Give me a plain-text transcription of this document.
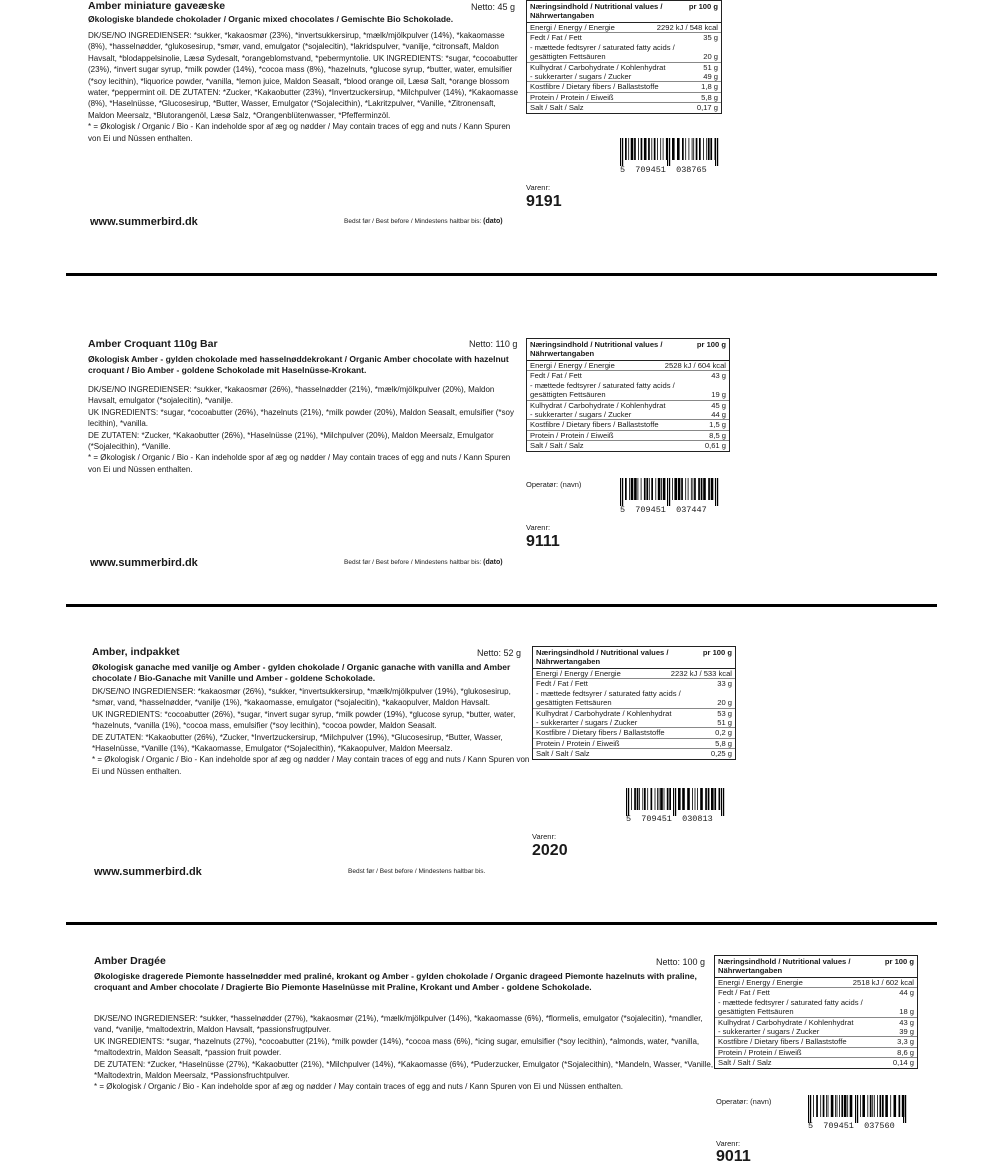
Amber miniature gaveæske	Netto: 45 g
Økologiske blandede chokolader / Organic mixed chocolates / Gemischte Bio Schokolade.

DK/SE/NO INGREDIENSER: *sukker, *kakaosmør (23%), *invertsukkersirup, *mælk/mjölkpulver (14%), *kakaomasse (8%), *hasselnødder, *glukosesirup, *smør, vand, emulgator (*sojalecitin), *lakridspulver, *vanilje, *citronsaft, Maldon Havsalt, *blodappelsinolie, Læsø Sydesalt, *orangeblomstvand, *pebermyntolie. UK INGREDIENTS: *sugar, *cocoabutter (23%), *invert sugar syrup, *milk powder (14%), *cocoa mass (8%), *hazelnuts, *glucose syrup, *butter, water, emulsifier (*soy lecithin), *liquorice powder, *vanilla, *lemon juice, Maldon Seasalt, *blood orange oil, Læsø Salt, *orange blossom water, *peppermint oil. DE ZUTATEN: *Zucker, *Kakaobutter (23%), *Invertzuckersirup, *Milchpulver (14%), *Kakaomasse (8%), *Haselnüsse, *Glucosesirup, *Butter, Wasser, Emulgator (*Sojalecithin), *Lakritzpulver, *Vanille, *Zitronensaft, Maldon Meersalz, *Blutorangenöl, Læsø Salz, *Orangenblütenwasser, *Pfefferminzöl.

* = Økologisk / Organic / Bio - Kan indeholde spor af æg og nødder / May contain traces of egg and nuts / Kann Spuren von Ei und Nüssen enthalten.

www.summerbird.dk	Bedst før / Best before / Mindestens haltbar bis: (dato)
Næringsindhold / Nutritional values / Nährwertangaben
pr 100 g
Energi / Energy / Energie	2292 kJ / 548 kcal
Fedt / Fat / Fett	35 g
- mættede fedtsyrer / saturated fatty acids / gesättigten Fettsäuren	20 g
Kulhydrat / Carbohydrate / Kohlenhydrat	51 g
- sukkerarter / sugars / Zucker	49 g
Kostfibre / Dietary fibers / Ballaststoffe	1,8 g
Protein / Protein / Eiweiß	5,8 g
Salt / Salt / Salz	0,17 g
5  709451  038765
Varenr:
9191
Amber Croquant 110g Bar	Netto: 110 g
Økologisk Amber - gylden chokolade med hasselnøddekrokant / Organic Amber chocolate with hazelnut croquant / Bio Amber - goldene Schokolade mit Haselnüsse-Krokant.

DK/SE/NO INGREDIENSER: *sukker, *kakaosmør (26%), *hasselnødder (21%), *mælk/mjölkpulver (20%), Maldon Havsalt, emulgator (*sojalecitin), *vanilje.

UK INGREDIENTS: *sugar, *cocoabutter (26%), *hazelnuts (21%), *milk powder (20%), Maldon Seasalt, emulsifier (*soy lecithin), *vanilla.

DE ZUTATEN: *Zucker, *Kakaobutter (26%), *Haselnüsse (21%), *Milchpulver (20%), Maldon Meersalz, Emulgator (*Sojalecithin), *Vanille.

* = Økologisk / Organic / Bio - Kan indeholde spor af æg og nødder / May contain traces of egg and nuts / Kann Spuren von Ei und Nüssen enthalten.

www.summerbird.dk	Bedst før / Best before / Mindestens haltbar bis: (dato)
Næringsindhold / Nutritional values / Nährwertangaben
pr 100 g
Energi / Energy / Energie	2528 kJ / 604 kcal
Fedt / Fat / Fett	43 g
- mættede fedtsyrer / saturated fatty acids / gesättigten Fettsäuren	19 g
Kulhydrat / Carbohydrate / Kohlenhydrat	45 g
- sukkerarter / sugars / Zucker	44 g
Kostfibre / Dietary fibers / Ballaststoffe	1,5 g
Protein / Protein / Eiweiß	8,5 g
Salt / Salt / Salz	0,61 g
Operatør: (navn)
5  709451  037447
Varenr:
9111
Amber, indpakket	Netto: 52 g
Økologisk ganache med vanilje og Amber - gylden chokolade / Organic ganache with vanilla and Amber chocolate / Bio-Ganache mit Vanille und Amber - goldene Schokolade.

DK/SE/NO INGREDIENSER: *kakaosmør (26%), *sukker, *invertsukkersirup, *mælk/mjölkpulver (19%), *glukosesirup, *smør, vand, *hasselnødder, *vanilje (1%), *kakaomasse, emulgator (*sojalecitin), *kakaopulver, Maldon Havsalt.

UK INGREDIENTS: *cocoabutter (26%), *sugar, *invert sugar syrup, *milk powder (19%), *glucose syrup, *butter, water, *hazelnuts, *vanilla (1%), *cocoa mass, emulsifier (*soy lecithin), *cocoa powder, Maldon Seasalt.

DE ZUTATEN: *Kakaobutter (26%), *Zucker, *Invertzuckersirup, *Milchpulver (19%), *Glucosesirup, *Butter, Wasser, *Haselnüsse, *Vanille (1%), *Kakaomasse, Emulgator (*Sojalecithin), *Kakaopulver, Maldon Meersalz.

* = Økologisk / Organic / Bio - Kan indeholde spor af æg og nødder / May contain traces of egg and nuts / Kann Spuren von Ei und Nüssen enthalten.

www.summerbird.dk	Bedst før / Best before / Mindestens haltbar bis.
Næringsindhold / Nutritional values / Nährwertangaben
pr 100 g
Energi / Energy / Energie	2232 kJ / 533 kcal
Fedt / Fat / Fett	33 g
- mættede fedtsyrer / saturated fatty acids / gesättigten Fettsäuren	20 g
Kulhydrat / Carbohydrate / Kohlenhydrat	53 g
- sukkerarter / sugars / Zucker	51 g
Kostfibre / Dietary fibers / Ballaststoffe	0,2 g
Protein / Protein / Eiweiß	5,8 g
Salt / Salt / Salz	0,25 g
5  709451  030813
Varenr:
2020
Amber Dragée	Netto: 100 g
Økologiske dragerede Piemonte hasselnødder med praliné, krokant og Amber - gylden chokolade / Organic drageed Piemonte hazelnuts with praline, croquant and Amber chocolate / Dragierte Bio Piemonte Haselnüsse mit Praline, Krokant und Amber - goldene Schokolade.

DK/SE/NO INGREDIENSER: *sukker, *hasselnødder (27%), *kakaosmør (21%), *mælk/mjölkpulver (14%), *kakaomasse (6%), *flormelis, emulgator (*sojalecitin), *mandler, vand, *vanilje, *maltodextrin, Maldon Havsalt, *passionsfrugtpulver.

UK INGREDIENTS: *sugar, *hazelnuts (27%), *cocoabutter (21%), *milk powder (14%), *cocoa mass (6%), *icing sugar, emulsifier (*soy lecithin), *almonds, water, *vanilla, *maltodextrin, Maldon Seasalt, *passion fruit powder.

DE ZUTATEN: *Zucker, *Haselnüsse (27%), *Kakaobutter (21%), *Milchpulver (14%), *Kakaomasse (6%), *Puderzucker, Emulgator (*Sojalecithin), *Mandeln, Wasser, *Vanille, *Maltodextrin, Maldon Meersalz, *Passionsfruchtpulver.

* = Økologisk / Organic / Bio - Kan indeholde spor af æg og nødder / May contain traces of egg and nuts / Kann Spuren von Ei und Nüssen enthalten.

Næringsindhold / Nutritional values / Nährwertangaben
pr 100 g
Energi / Energy / Energie	2518 kJ / 602 kcal
Fedt / Fat / Fett	44 g
- mættede fedtsyrer / saturated fatty acids / gesättigten Fettsäuren	18 g
Kulhydrat / Carbohydrate / Kohlenhydrat	43 g
- sukkerarter / sugars / Zucker	39 g
Kostfibre / Dietary fibers / Ballaststoffe	3,3 g
Protein / Protein / Eiweiß	8,6 g
Salt / Salt / Salz	0,14 g
Operatør: (navn)
5  709451  037560
Varenr:
9011
